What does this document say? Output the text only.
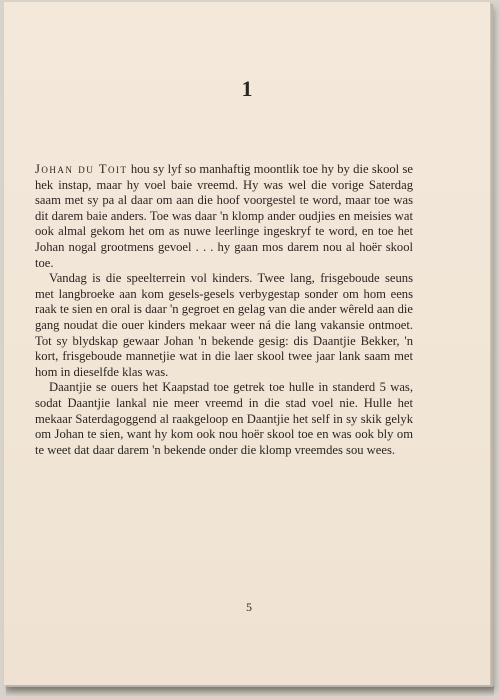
1

Johan du Toit hou sy lyf so manhaftig moontlik toe hy by die skool se hek instap, maar hy voel baie vreemd. Hy was wel die vorige Saterdag saam met sy pa al daar om aan die hoof voorgestel te word, maar toe was dit darem baie anders. Toe was daar 'n klomp ander oudjies en meisies wat ook almal gekom het om as nuwe leerlinge ingeskryf te word, en toe het Johan nogal grootmens gevoel . . . hy gaan mos darem nou al hoër skool toe.

Vandag is die speelterrein vol kinders. Twee lang, frisgeboude seuns met langbroeke aan kom gesels-gesels verbygestap sonder om hom eens raak te sien en oral is daar 'n gegroet en gelag van die ander wêreld aan die gang noudat die ouer kinders mekaar weer ná die lang vakansie ontmoet. Tot sy blydskap gewaar Johan 'n bekende gesig: dis Daantjie Bekker, 'n kort, frisgeboude mannetjie wat in die laer skool twee jaar lank saam met hom in dieselfde klas was.

Daantjie se ouers het Kaapstad toe getrek toe hulle in standerd 5 was, sodat Daantjie lankal nie meer vreemd in die stad voel nie. Hulle het mekaar Saterdagoggend al raakgeloop en Daantjie het self in sy skik gelyk om Johan te sien, want hy kom ook nou hoër skool toe en was ook bly om te weet dat daar darem 'n bekende onder die klomp vreemdes sou wees.

5
